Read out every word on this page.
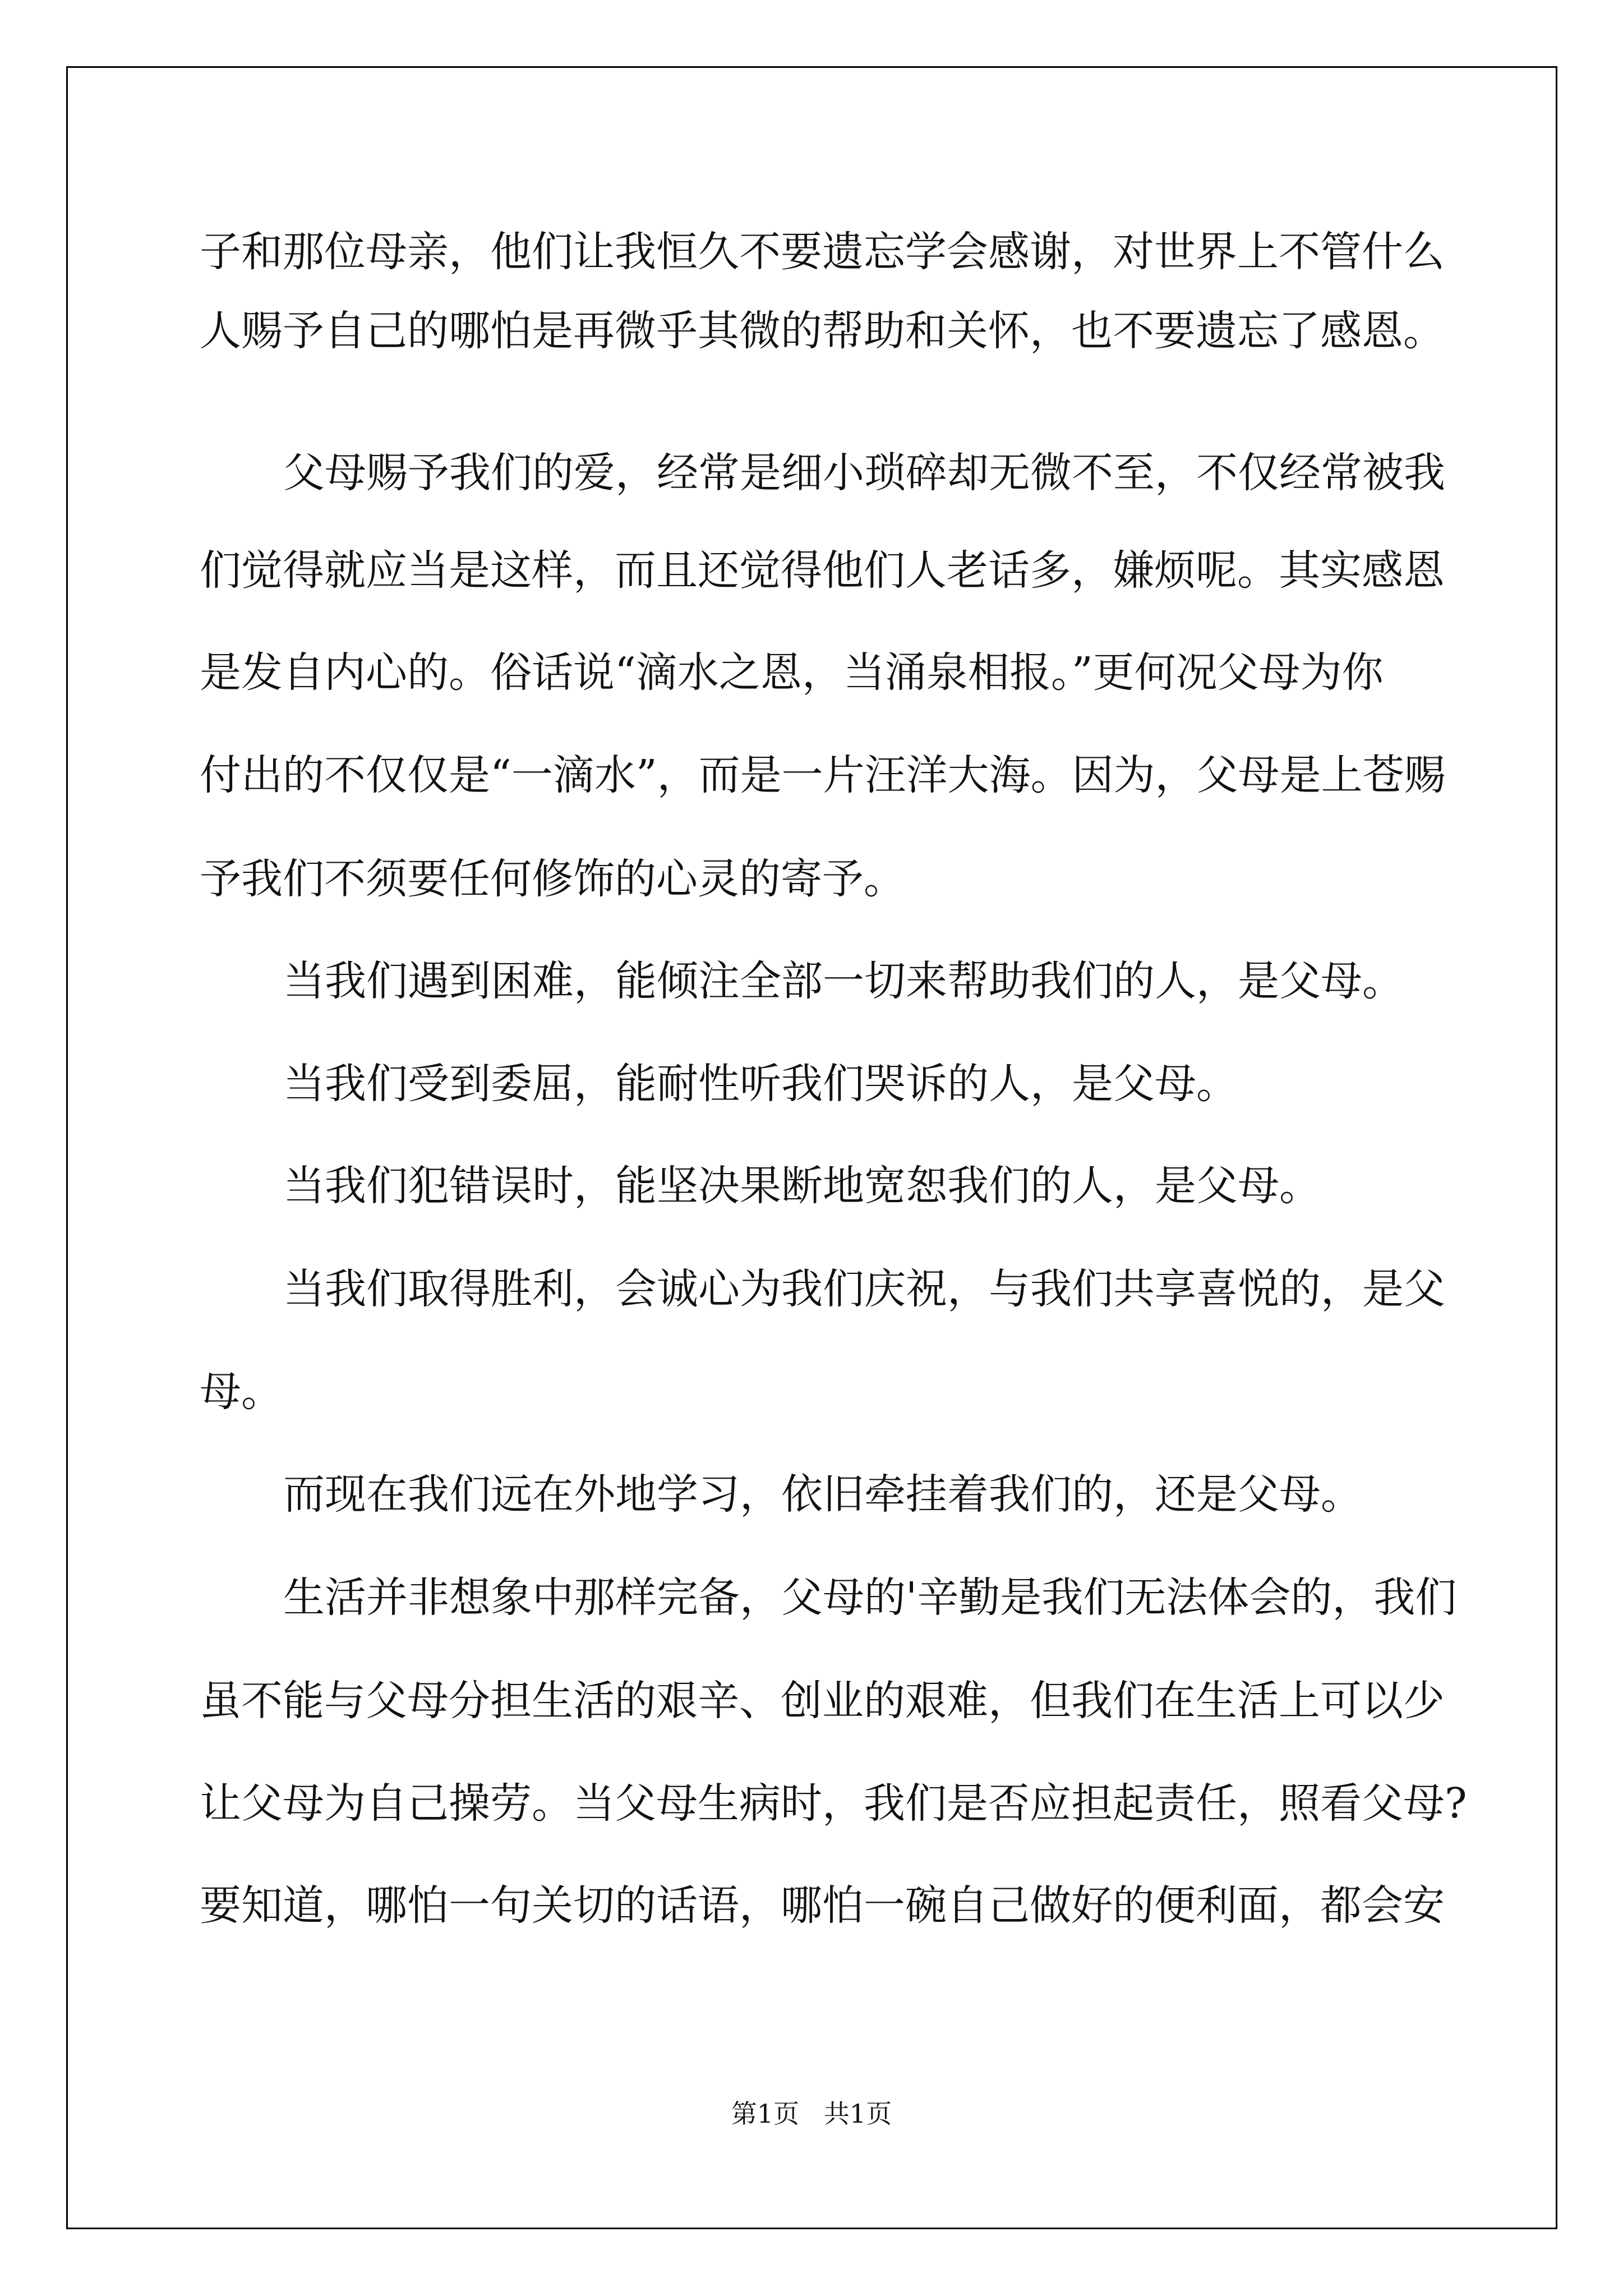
子和那位母亲，他们让我恒久不要遗忘学会感谢，对世界上不管什么
人赐予自己的哪怕是再微乎其微的帮助和关怀，也不要遗忘了感恩。
父母赐予我们的爱，经常是细小琐碎却无微不至，不仅经常被我
们觉得就应当是这样，而且还觉得他们人老话多，嫌烦呢。其实感恩
是发自内心的。俗话说“滴水之恩，当涌泉相报。”更何况父母为你
付出的不仅仅是“一滴水”，而是一片汪洋大海。因为，父母是上苍赐
予我们不须要任何修饰的心灵的寄予。
当我们遇到困难，能倾注全部一切来帮助我们的人，是父母。
当我们受到委屈，能耐性听我们哭诉的人，是父母。
当我们犯错误时，能坚决果断地宽恕我们的人，是父母。
当我们取得胜利，会诚心为我们庆祝，与我们共享喜悦的，是父
母。
而现在我们远在外地学习，依旧牵挂着我们的，还是父母。
生活并非想象中那样完备，父母的'辛勤是我们无法体会的，我们
虽不能与父母分担生活的艰辛、创业的艰难，但我们在生活上可以少
让父母为自己操劳。当父母生病时，我们是否应担起责任，照看父母?
要知道，哪怕一句关切的话语，哪怕一碗自己做好的便利面，都会安
第1页   共1页
